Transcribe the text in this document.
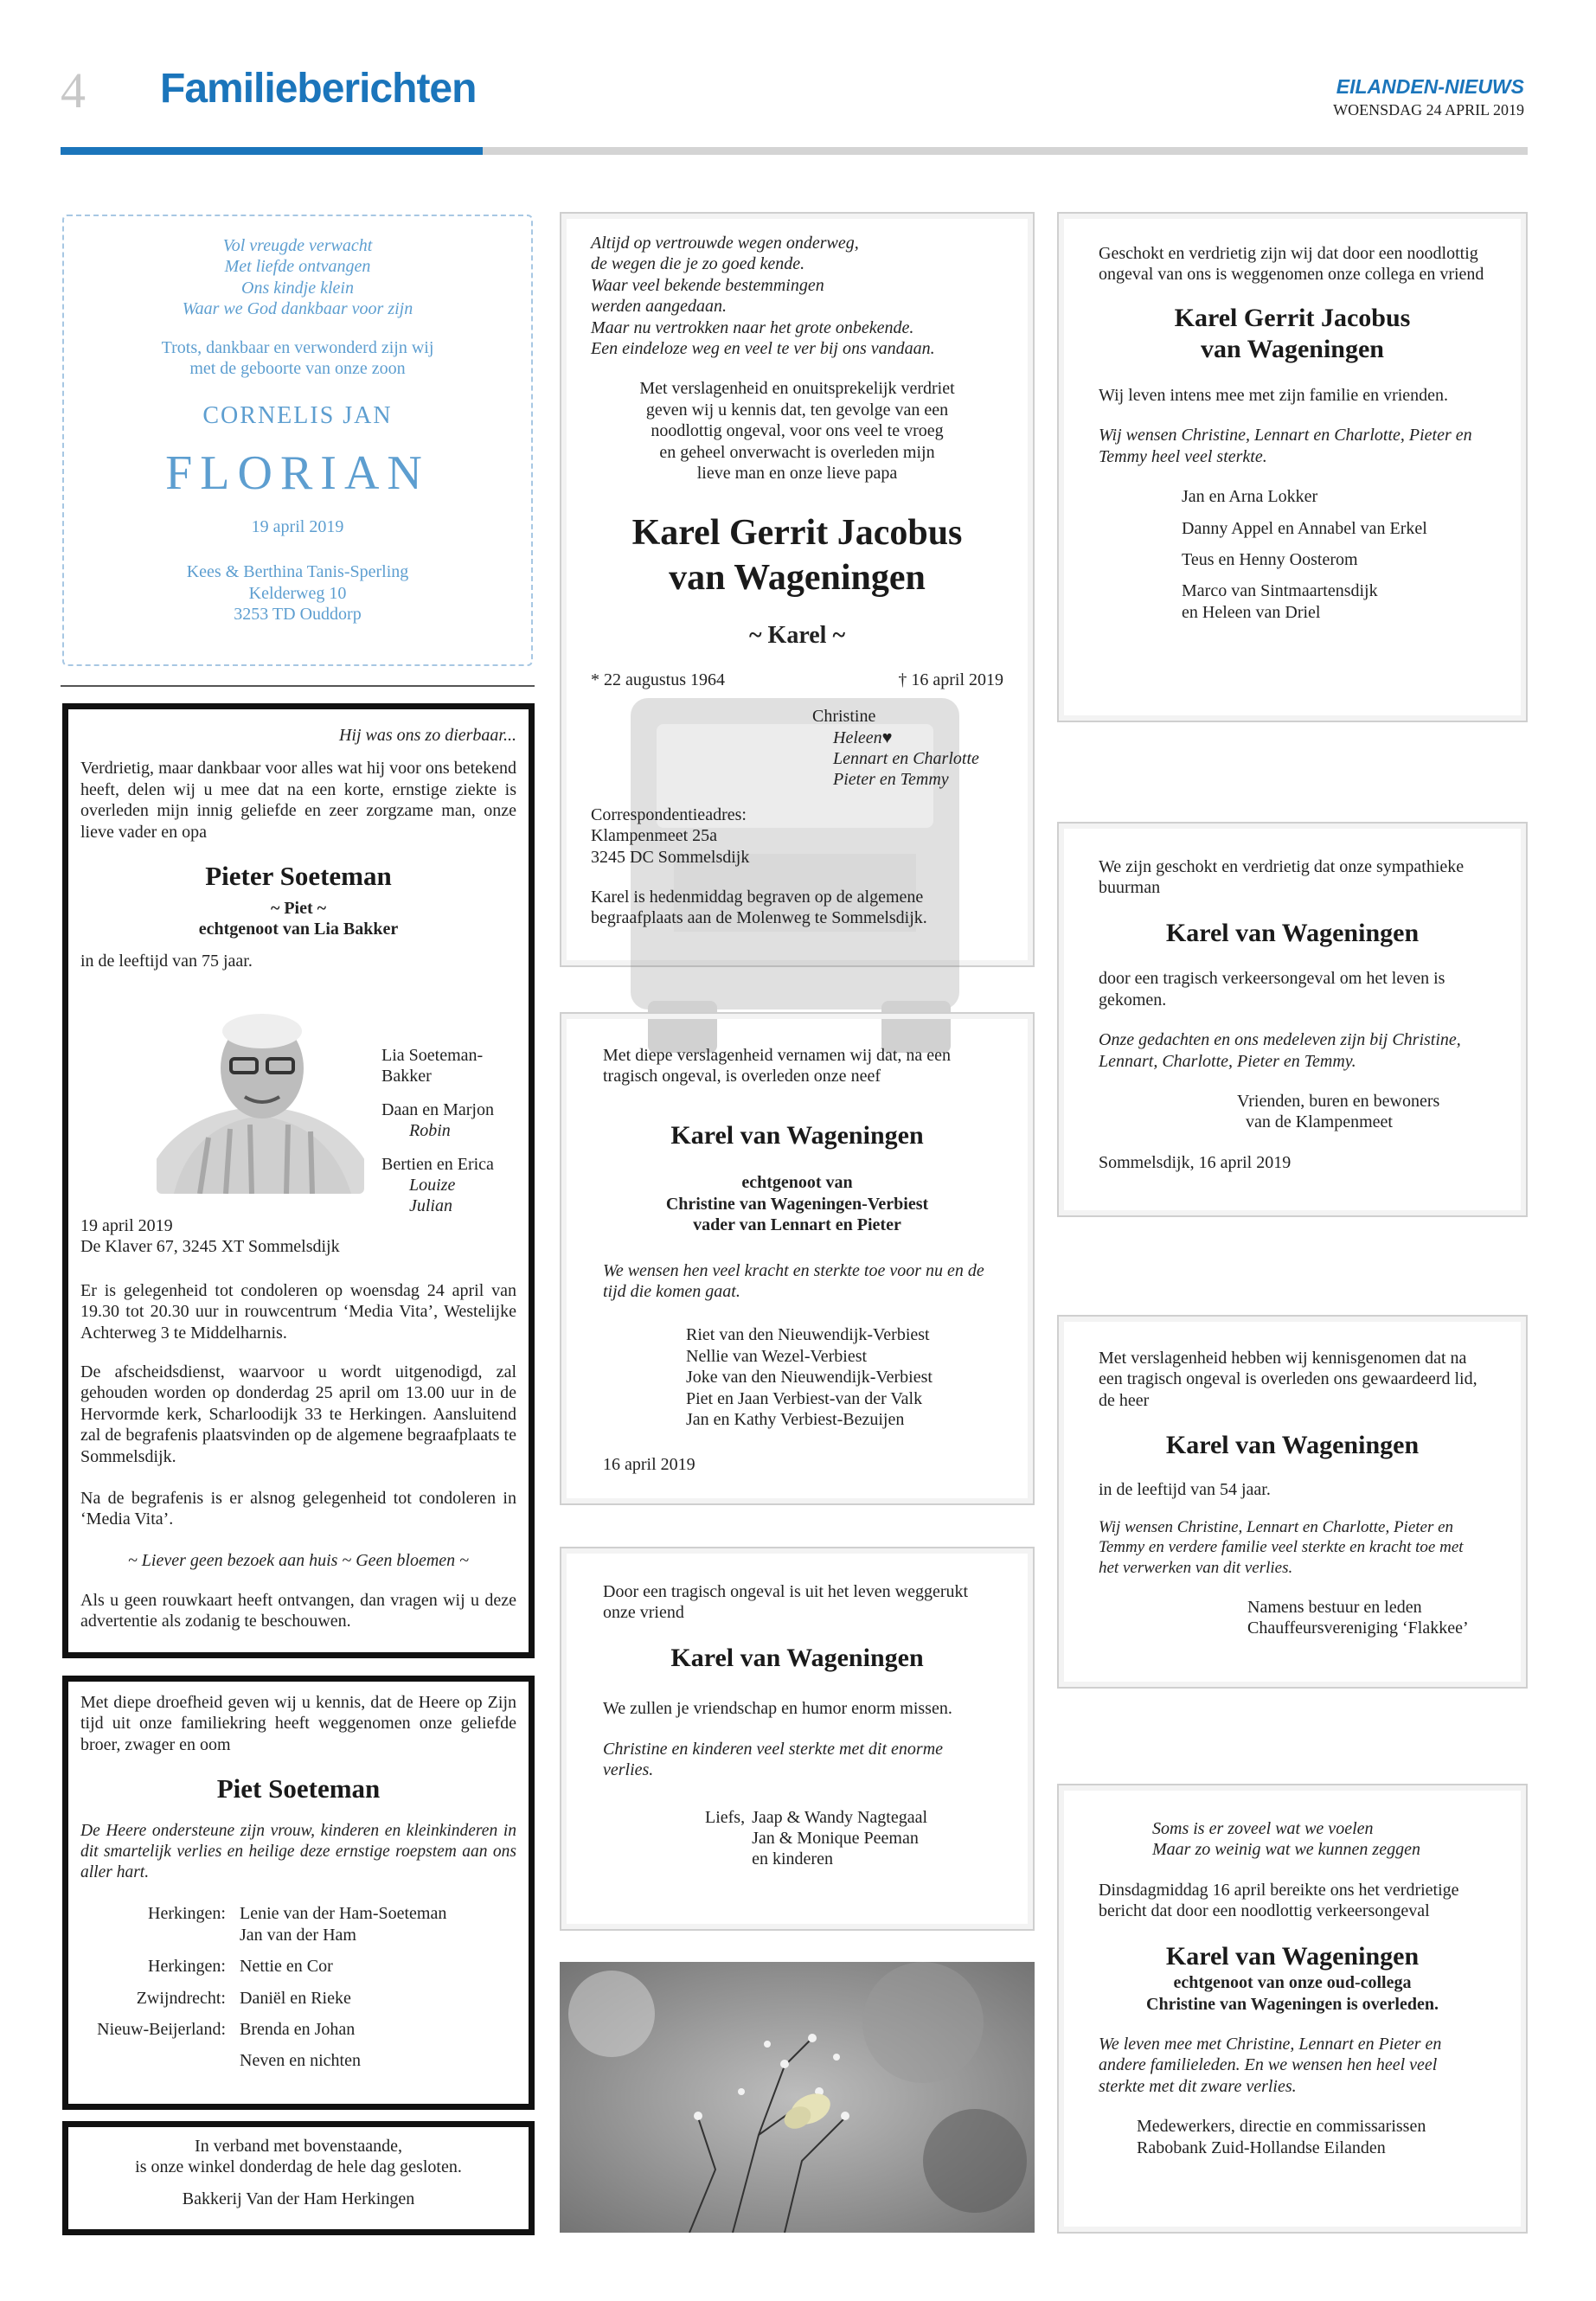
4 Familieberichten	EILANDEN-NIEUWS
WOENSDAG 24 APRIL 2019
Vol vreugde verwacht
Met liefde ontvangen
Ons kindje klein
Waar we God dankbaar voor zijn
Trots, dankbaar en verwonderd zijn wij
met de geboorte van onze zoon
CORNELIS JAN
FLORIAN
19 april 2019
Kees & Berthina Tanis-Sperling
Kelderweg 10
3253 TD Ouddorp
Hij was ons zo dierbaar...
Verdrietig, maar dankbaar voor alles wat hij voor ons betekend heeft, delen wij u mee dat na een korte, ernstige ziekte is overleden mijn innig geliefde en zeer zorgzame man, onze lieve vader en opa
Pieter Soeteman
~ Piet ~
echtgenoot van Lia Bakker
in de leeftijd van 75 jaar.
Lia Soeteman-Bakker
Daan en Marjon
Robin
Bertien en Erica
Louize
Julian
19 april 2019
De Klaver 67, 3245 XT Sommelsdijk
Er is gelegenheid tot condoleren op woensdag 24 april van 19.30 tot 20.30 uur in rouwcentrum ‘Media Vita’, Westelijke Achterweg 3 te Middelharnis.
De afscheidsdienst, waarvoor u wordt uitgenodigd, zal gehouden worden op donderdag 25 april om 13.00 uur in de Hervormde kerk, Scharloodijk 33 te Herkingen. Aansluitend zal de begrafenis plaatsvinden op de algemene begraafplaats te Sommelsdijk.
Na de begrafenis is er alsnog gelegenheid tot condoleren in ‘Media Vita’.
~ Liever geen bezoek aan huis ~ Geen bloemen ~
Als u geen rouwkaart heeft ontvangen, dan vragen wij u deze advertentie als zodanig te beschouwen.
Met diepe droefheid geven wij u kennis, dat de Heere op Zijn tijd uit onze familiekring heeft weggenomen onze geliefde broer, zwager en oom
Piet Soeteman
De Heere ondersteune zijn vrouw, kinderen en kleinkinderen in dit smartelijk verlies en heilige deze ernstige roepstem aan ons aller hart.
Herkingen: Lenie van der Ham-Soeteman
Jan van der Ham
Herkingen: Nettie en Cor
Zwijndrecht: Daniël en Rieke
Nieuw-Beijerland: Brenda en Johan
Neven en nichten
In verband met bovenstaande,
is onze winkel donderdag de hele dag gesloten.
Bakkerij Van der Ham Herkingen
Altijd op vertrouwde wegen onderweg,
de wegen die je zo goed kende.
Waar veel bekende bestemmingen
werden aangedaan.
Maar nu vertrokken naar het grote onbekende.
Een eindeloze weg en veel te ver bij ons vandaan.
Met verslagenheid en onuitsprekelijk verdriet
geven wij u kennis dat, ten gevolge van een
noodlottig ongeval, voor ons veel te vroeg
en geheel onverwacht is overleden mijn
lieve man en onze lieve papa
Karel Gerrit Jacobus
van Wageningen
~ Karel ~
* 22 augustus 1964	† 16 april 2019
Christine
Heleen♥
Lennart en Charlotte
Pieter en Temmy
Correspondentieadres:
Klampenmeet 25a
3245 DC Sommelsdijk
Karel is hedenmiddag begraven op de algemene begraafplaats aan de Molenweg te Sommelsdijk.
Met diepe verslagenheid vernamen wij dat, na een tragisch ongeval, is overleden onze neef
Karel van Wageningen
echtgenoot van
Christine van Wageningen-Verbiest
vader van Lennart en Pieter
We wensen hen veel kracht en sterkte toe voor nu en de tijd die komen gaat.
Riet van den Nieuwendijk-Verbiest
Nellie van Wezel-Verbiest
Joke van den Nieuwendijk-Verbiest
Piet en Jaan Verbiest-van der Valk
Jan en Kathy Verbiest-Bezuijen
16 april 2019
Door een tragisch ongeval is uit het leven weggerukt onze vriend
Karel van Wageningen
We zullen je vriendschap en humor enorm missen.
Christine en kinderen veel sterkte met dit enorme verlies.
Liefs, Jaap & Wandy Nagtegaal
Jan & Monique Peeman
en kinderen
Geschokt en verdrietig zijn wij dat door een noodlottig ongeval van ons is weggenomen onze collega en vriend
Karel Gerrit Jacobus
van Wageningen
Wij leven intens mee met zijn familie en vrienden.
Wij wensen Christine, Lennart en Charlotte, Pieter en Temmy heel veel sterkte.
Jan en Arna Lokker
Danny Appel en Annabel van Erkel
Teus en Henny Oosterom
Marco van Sintmaartensdijk
en Heleen van Driel
We zijn geschokt en verdrietig dat onze sympathieke buurman
Karel van Wageningen
door een tragisch verkeersongeval om het leven is gekomen.
Onze gedachten en ons medeleven zijn bij Christine, Lennart, Charlotte, Pieter en Temmy.
Vrienden, buren en bewoners
van de Klampenmeet
Sommelsdijk, 16 april 2019
Met verslagenheid hebben wij kennisgenomen dat na een tragisch ongeval is overleden ons gewaardeerd lid, de heer
Karel van Wageningen
in de leeftijd van 54 jaar.
Wij wensen Christine, Lennart en Charlotte, Pieter en Temmy en verdere familie veel sterkte en kracht toe met het verwerken van dit verlies.
Namens bestuur en leden
Chauffeursvereniging ‘Flakkee’
Soms is er zoveel wat we voelen
Maar zo weinig wat we kunnen zeggen
Dinsdagmiddag 16 april bereikte ons het verdrietige bericht dat door een noodlottig verkeersongeval
Karel van Wageningen
echtgenoot van onze oud-collega
Christine van Wageningen is overleden.
We leven mee met Christine, Lennart en Pieter en andere familieleden. En we wensen hen heel veel sterkte met dit zware verlies.
Medewerkers, directie en commissarissen
Rabobank Zuid-Hollandse Eilanden
